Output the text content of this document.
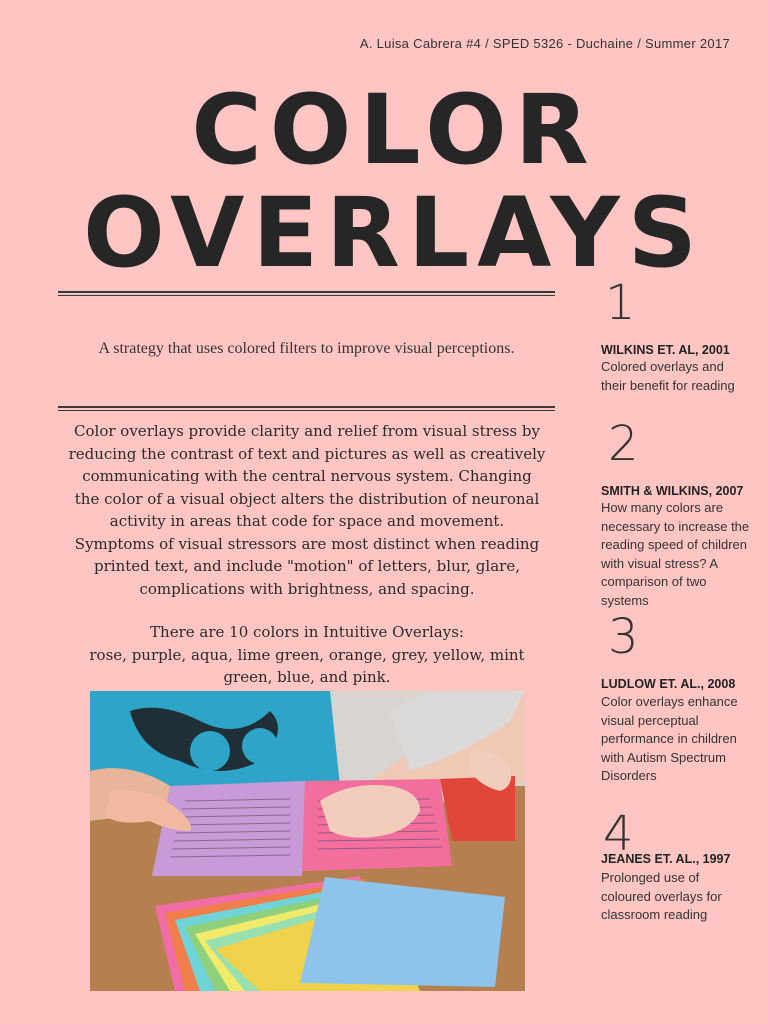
A. Luisa Cabrera #4 / SPED 5326 - Duchaine / Summer 2017
COLOR
OVERLAYS
A strategy that uses colored filters to improve visual perceptions.
Color overlays provide clarity and relief from visual stress by reducing the contrast of text and pictures as well as creatively communicating with the central nervous system. Changing the color of a visual object alters the distribution of neuronal activity in areas that code for space and movement. Symptoms of visual stressors are most distinct when reading printed text, and include "motion" of letters, blur, glare, complications with brightness, and spacing.
There are 10 colors in Intuitive Overlays:
rose, purple, aqua, lime green, orange, grey, yellow, mint green, blue, and pink.
1
WILKINS ET. AL, 2001
Colored overlays and their benefit for reading
2
SMITH & WILKINS, 2007
How many colors are necessary to increase the reading speed of children with visual stress? A comparison of two systems
3
LUDLOW ET. AL., 2008
Color overlays enhance visual perceptual performance in children with Autism Spectrum Disorders
4
JEANES ET. AL., 1997
Prolonged use of coloured overlays for classroom reading
